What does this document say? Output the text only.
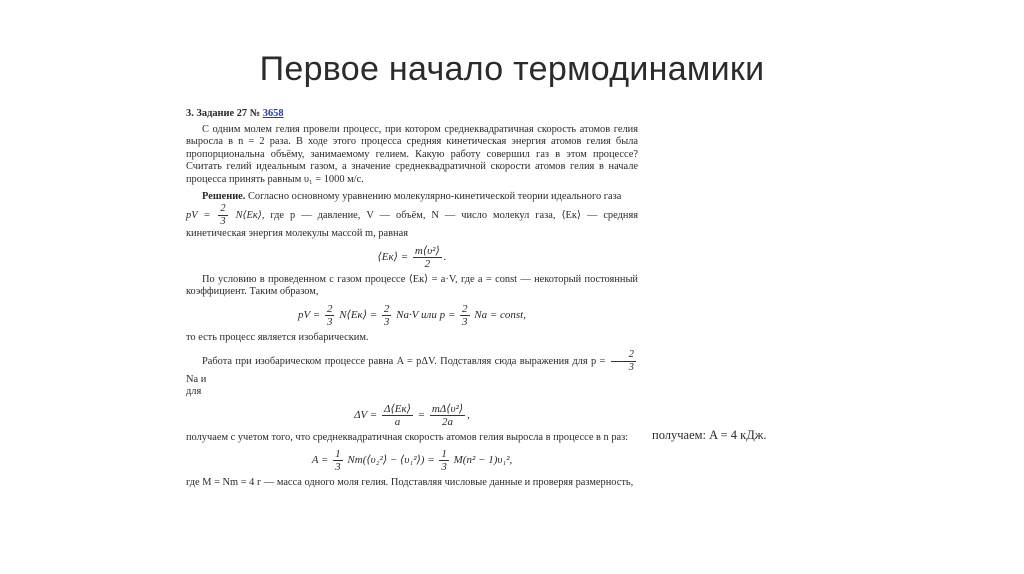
Первое начало термодинамики
3. Задание 27 № 3658

С одним молем гелия провели процесс, при котором среднеквадратичная скорость атомов гелия выросла в n = 2 раза. В ходе этого процесса средняя кинетическая энергия атомов гелия была пропорциональна объёму, занимаемому гелием. Какую работу совершил газ в этом процессе? Считать гелий идеальным газом, а значение среднеквадратичной скорости атомов гелия в начале процесса принять равным υ₁ = 1000 м/с.

Решение. Согласно основному уравнению молекулярно-кинетической теории идеального газа

pV = $\frac{2}{3}$ N⟨Eк⟩, где p — давление, V — объём, N — число молекул газа, ⟨Eк⟩ — средняя кинетическая энергия молекулы массой m, равная

⟨Eк⟩ = $\frac{\text{m⟨υ²⟩}}{2}$ .

По условию в проведенном с газом процессе ⟨Eк⟩ = a·V, где a = const — некоторый постоянный коэффициент. Таким образом,

pV = $\frac{2}{3}$ N⟨Eк⟩ = $\frac{2}{3} Na\cdot V$ или $p = \frac{2}{3}$ Na = const,

то есть процесс является изобарическим.

Работа при изобарическом процессе равна A = pΔV. Подставляя сюда выражения для $p = \frac{2}{3}$
Na и

для

$\Delta V = \frac{\Delta⟨Eк⟩}{a} = \frac{\text{mΔ⟨υ²⟩}}{2a}$ ,

получаем с учетом того, что среднеквадратичная скорость атомов гелия выросла в процессе в n раз:

$A = \frac{1}{3}$ Nm(⟨υ₂²⟩ − ⟨υ₁²⟩) = $\frac{1}{3} M(n^2 - 1)\upsilon_1^2$,

где M = Nm = 4 г — масса одного моля гелия. Подставляя числовые данные и проверяя размерность,

получаем: A = 4 кДж.
